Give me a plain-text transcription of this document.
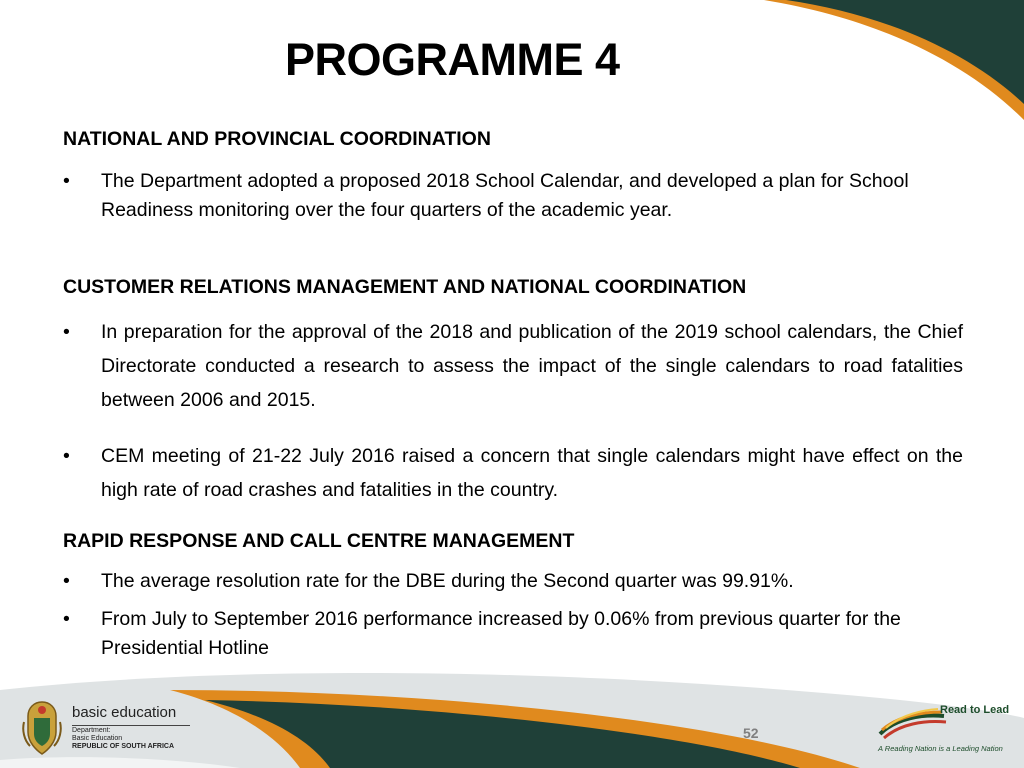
PROGRAMME 4
NATIONAL AND PROVINCIAL COORDINATION
• The Department adopted a proposed 2018 School Calendar, and developed a plan for School Readiness monitoring over the four quarters of the academic year.
CUSTOMER RELATIONS MANAGEMENT AND NATIONAL COORDINATION
• In preparation for the approval of the 2018 and publication of the 2019 school calendars, the Chief Directorate conducted a research to assess the impact of the single calendars to road fatalities between 2006 and 2015.
• CEM meeting of 21-22 July 2016 raised a concern that single calendars might have effect on the high rate of road crashes and fatalities in the country.
RAPID RESPONSE AND CALL CENTRE MANAGEMENT
• The average resolution rate for the DBE during the Second quarter was 99.91%.
• From July to September 2016 performance increased by 0.06% from previous quarter for the Presidential Hotline
52
basic education
Department:
Basic Education
REPUBLIC OF SOUTH AFRICA
Read to Lead
A Reading Nation is a Leading Nation
